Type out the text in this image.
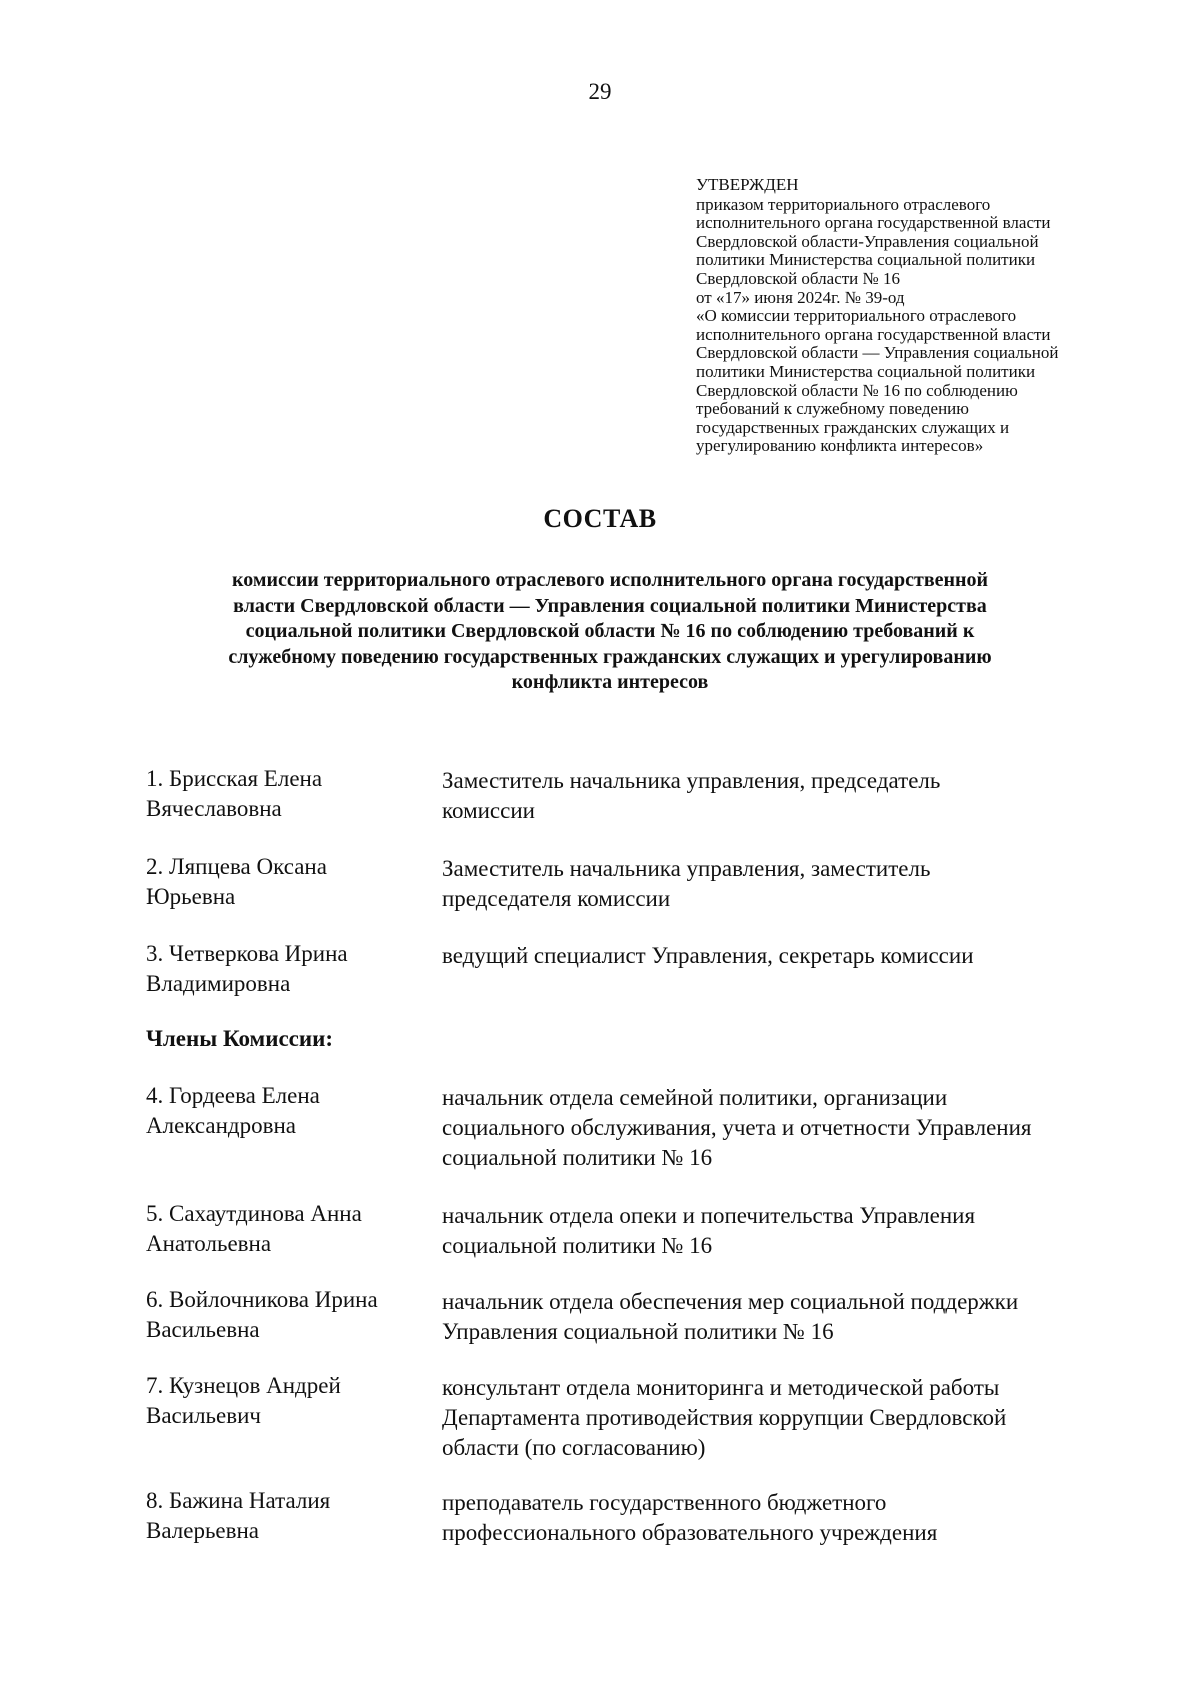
29
УТВЕРЖДЕН
приказом территориального отраслевого
исполнительного органа государственной власти
Свердловской области-Управления социальной
политики Министерства социальной политики
Свердловской области № 16
от «17» июня 2024г. № 39-од
«О комиссии территориального отраслевого
исполнительного органа государственной власти
Свердловской области — Управления социальной
политики Министерства социальной политики
Свердловской области № 16 по соблюдению
требований к служебному поведению
государственных гражданских служащих и
урегулированию конфликта интересов»
СОСТАВ
комиссии территориального отраслевого исполнительного органа государственной
власти Свердловской области — Управления социальной политики Министерства
социальной политики Свердловской области № 16 по соблюдению требований к
служебному поведению государственных гражданских служащих и урегулированию
конфликта интересов
1. Брисская Елена
Вячеславовна
Заместитель начальника управления, председатель
комиссии
2. Ляпцева Оксана
Юрьевна
Заместитель начальника управления, заместитель
председателя комиссии
3. Четверкова Ирина
Владимировна
ведущий специалист Управления, секретарь комиссии
Члены Комиссии:
4. Гордеева Елена
Александровна
начальник отдела семейной политики, организации
социального обслуживания, учета и отчетности Управления
социальной политики № 16
5. Сахаутдинова Анна
Анатольевна
начальник отдела опеки и попечительства Управления
социальной политики № 16
6. Войлочникова Ирина
Васильевна
начальник отдела обеспечения мер социальной поддержки
Управления социальной политики № 16
7. Кузнецов Андрей
Васильевич
консультант отдела мониторинга и методической работы
Департамента противодействия коррупции Свердловской
области (по согласованию)
8. Бажина Наталия
Валерьевна
преподаватель государственного бюджетного
профессионального образовательного учреждения
